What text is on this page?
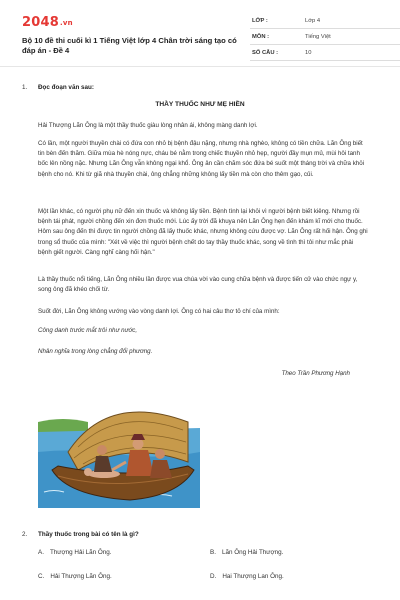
2048.vn
Bộ 10 đề thi cuối kì 1 Tiếng Việt lớp 4 Chân trời sáng tạo có đáp án - Đề 4
LỚP :	Lớp 4
MÔN :	Tiếng Việt
SỐ CÂU :	10
1. Đọc đoạn văn sau:
THẦY THUỐC NHƯ MẸ HIỀN
Hải Thượng Lãn Ông là một thầy thuốc giàu lòng nhân ái, không màng danh lợi.
Có lần, một người thuyền chài có đứa con nhỏ bị bệnh đậu nặng, nhưng nhà nghèo, không có tiền chữa. Lãn Ông biết tin bèn đến thăm. Giữa mùa hè nóng nực, cháu bé nằm trong chiếc thuyền nhỏ hẹp, người đầy mụn mủ, mùi hôi tanh bốc lên nồng nặc. Nhưng Lãn Ông vẫn không ngại khổ. Ông ân cần chăm sóc đứa bé suốt một tháng trời và chữa khỏi bệnh cho nó. Khi từ giã nhà thuyền chài, ông chẳng những không lấy tiền mà còn cho thêm gạo, củi.
Một lần khác, có người phụ nữ đến xin thuốc và không lấy tiền. Bệnh tình lại khỏi vì người bệnh biết kiêng. Nhưng rồi bệnh tái phát, người chồng đến xin đơn thuốc mới. Lúc ấy trời đã khuya nên Lãn Ông hẹn đến khám kĩ mới cho thuốc. Hôm sau ông đến thì được tin người chồng đã lấy thuốc khác, nhưng không cứu được vợ. Lãn Ông rất hối hận. Ông ghi trong sổ thuốc của mình: "Xét về việc thì người bệnh chết do tay thầy thuốc khác, song về tình thì tôi như mắc phải bệnh giết người. Càng nghĩ càng hối hận."
Là thầy thuốc nổi tiếng, Lãn Ông nhiều lần được vua chúa vời vào cung chữa bệnh và được tiến cử vào chức ngự y, song ông đã khéo chối từ.
Suốt đời, Lãn Ông không vướng vào vòng danh lợi. Ông có hai câu thơ tỏ chí của mình:
Công danh trước mắt trôi như nước,
Nhân nghĩa trong lòng chẳng đổi phương.
Theo Trần Phương Hạnh
2. Thầy thuốc trong bài có tên là gì?
A. Thượng Hải Lãn Ông.	B. Lãn Ông Hải Thượng.
C. Hải Thượng Lãn Ông.	D. Hai Thượng Lan Ông.
